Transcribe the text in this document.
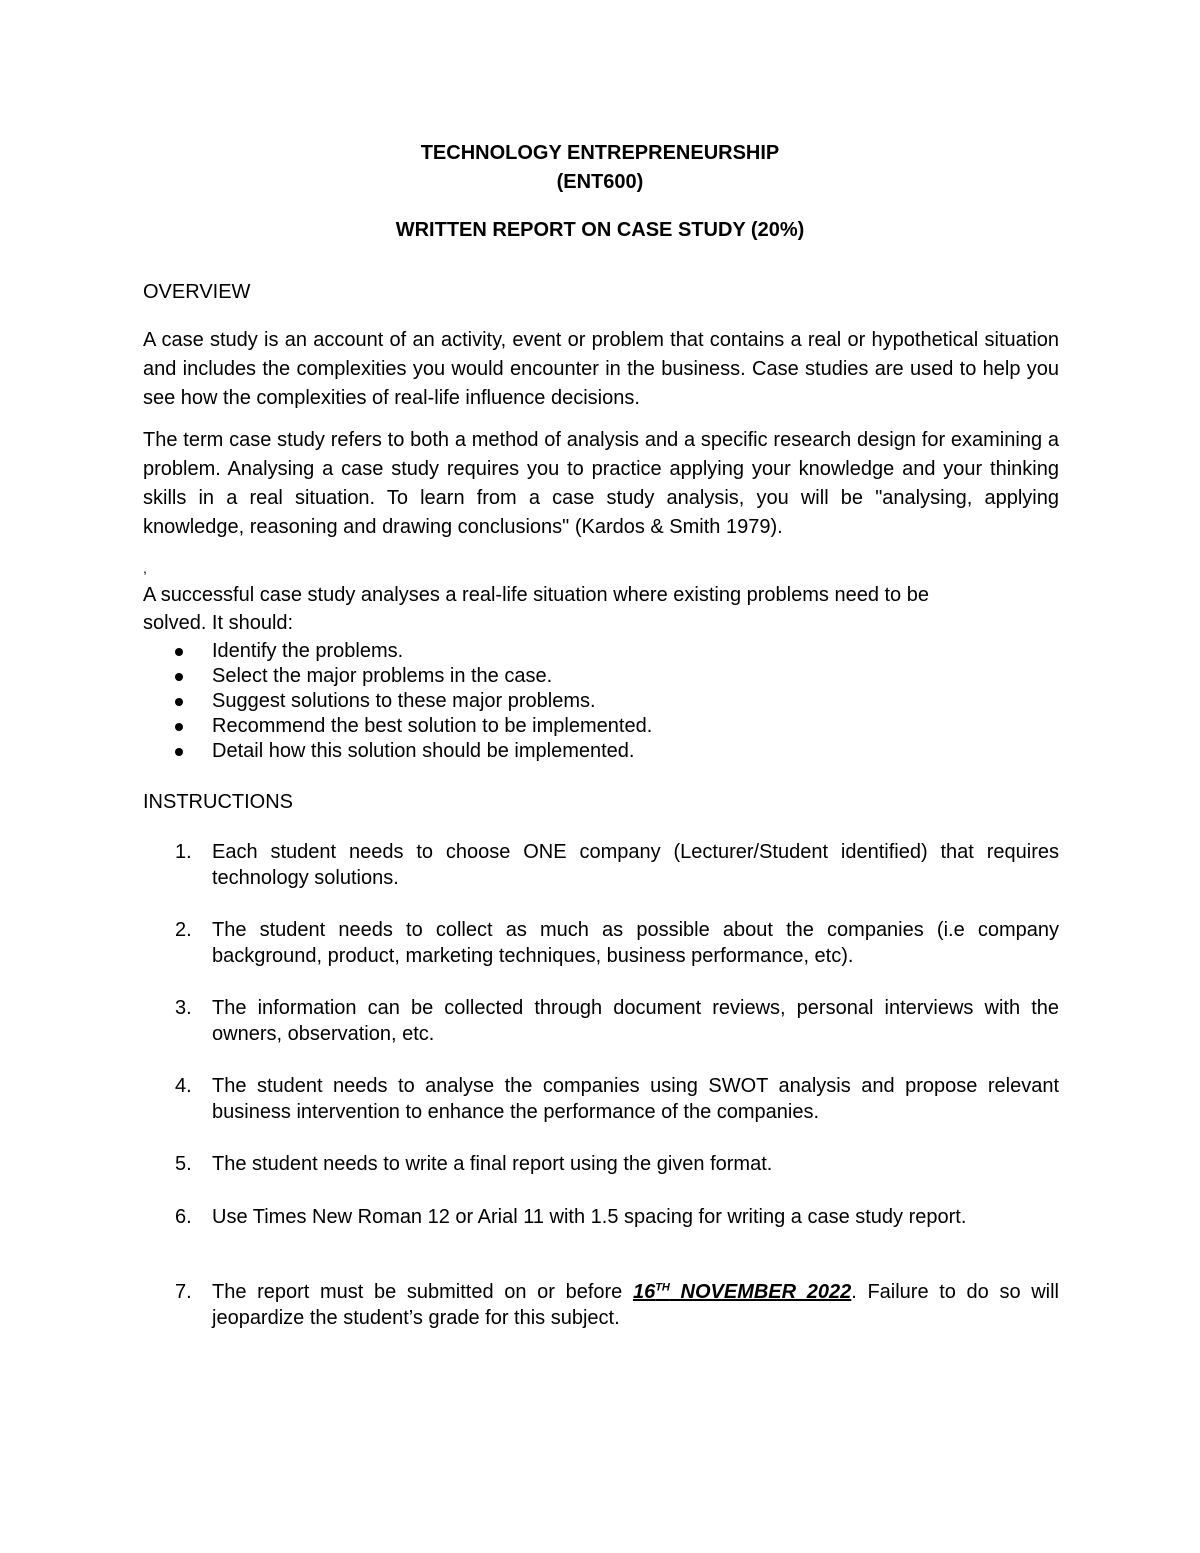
TECHNOLOGY ENTREPRENEURSHIP
(ENT600)
WRITTEN REPORT ON CASE STUDY (20%)
OVERVIEW
A case study is an account of an activity, event or problem that contains a real or hypothetical situation and includes the complexities you would encounter in the business. Case studies are used to help you see how the complexities of real-life influence decisions.
The term case study refers to both a method of analysis and a specific research design for examining a problem. Analysing a case study requires you to practice applying your knowledge and your thinking skills in a real situation. To learn from a case study analysis, you will be "analysing, applying knowledge, reasoning and drawing conclusions" (Kardos & Smith 1979).
,
A successful case study analyses a real-life situation where existing problems need to be
solved. It should:
Identify the problems.
Select the major problems in the case.
Suggest solutions to these major problems.
Recommend the best solution to be implemented.
Detail how this solution should be implemented.
INSTRUCTIONS
1. Each student needs to choose ONE company (Lecturer/Student identified) that requires technology solutions.
2. The student needs to collect as much as possible about the companies (i.e company background, product, marketing techniques, business performance, etc).
3. The information can be collected through document reviews, personal interviews with the owners, observation, etc.
4. The student needs to analyse the companies using SWOT analysis and propose relevant business intervention to enhance the performance of the companies.
5. The student needs to write a final report using the given format.
6. Use Times New Roman 12 or Arial 11 with 1.5 spacing for writing a case study report.
7. The report must be submitted on or before 16TH NOVEMBER 2022. Failure to do so will jeopardize the student’s grade for this subject.
